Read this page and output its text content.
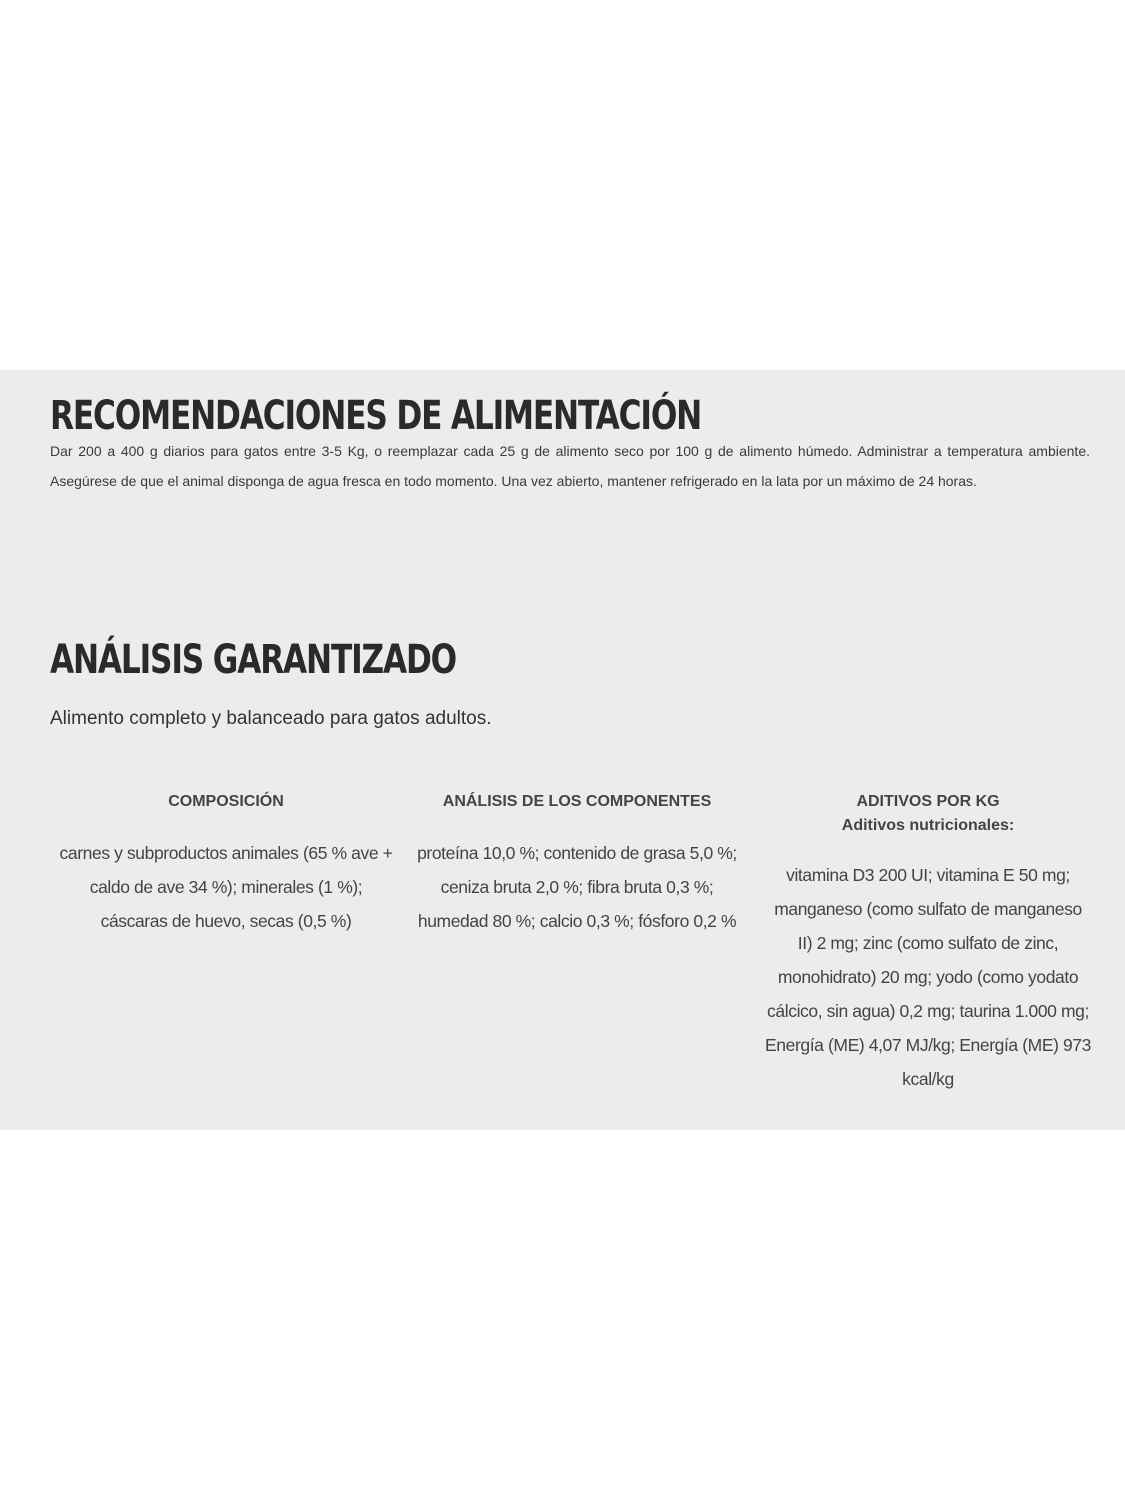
RECOMENDACIONES DE ALIMENTACIÓN

Dar 200 a 400 g diarios para gatos entre 3-5 Kg, o reemplazar cada 25 g de alimento seco por 100 g de alimento húmedo. Administrar a temperatura ambiente. Asegúrese de que el animal disponga de agua fresca en todo momento. Una vez abierto, mantener refrigerado en la lata por un máximo de 24 horas.

ANÁLISIS GARANTIZADO

Alimento completo y balanceado para gatos adultos.

COMPOSICIÓN

carnes y subproductos animales (65 % ave + caldo de ave 34 %); minerales (1 %); cáscaras de huevo, secas (0,5 %)

ANÁLISIS DE LOS COMPONENTES

proteína 10,0 %; contenido de grasa 5,0 %; ceniza bruta 2,0 %; fibra bruta 0,3 %; humedad 80 %; calcio 0,3 %; fósforo 0,2 %

ADITIVOS POR KG

Aditivos nutricionales:

vitamina D3 200 UI; vitamina E 50 mg; manganeso (como sulfato de manganeso II) 2 mg; zinc (como sulfato de zinc, monohidrato) 20 mg; yodo (como yodato cálcico, sin agua) 0,2 mg; taurina 1.000 mg; Energía (ME) 4,07 MJ/kg; Energía (ME) 973 kcal/kg
